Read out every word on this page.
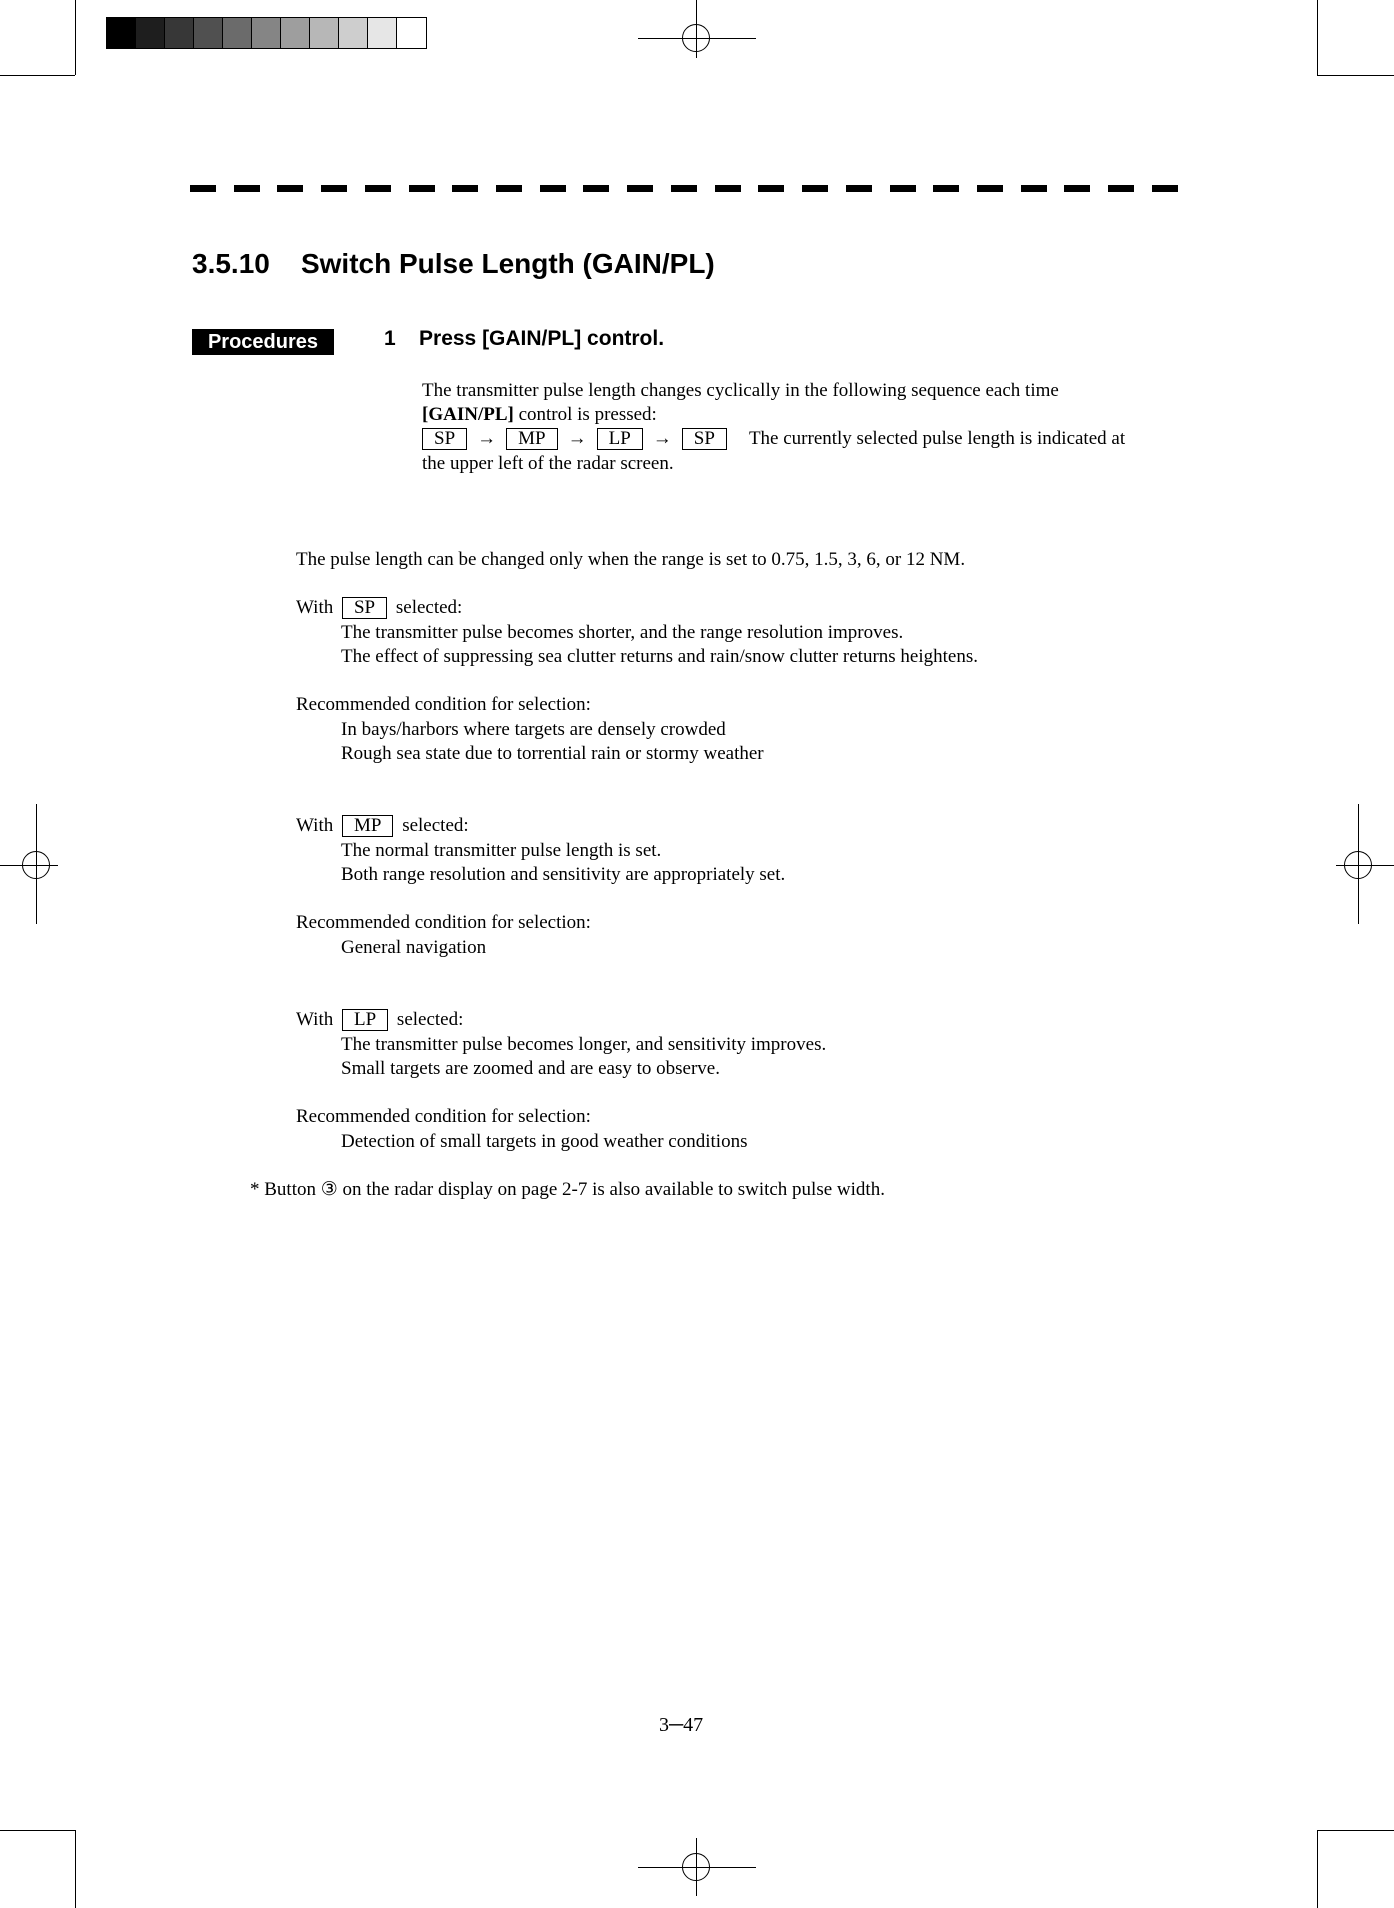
3.5.10    Switch Pulse Length (GAIN/PL)
Procedures	1    Press [GAIN/PL] control.
The transmitter pulse length changes cyclically in the following sequence each time
[GAIN/PL] control is pressed:
SP → MP → LP → SP The currently selected pulse length is indicated at
the upper left of the radar screen.
The pulse length can be changed only when the range is set to 0.75, 1.5, 3, 6, or 12 NM.
With SP selected:
The transmitter pulse becomes shorter, and the range resolution improves.
The effect of suppressing sea clutter returns and rain/snow clutter returns heightens.
Recommended condition for selection:
In bays/harbors where targets are densely crowded
Rough sea state due to torrential rain or stormy weather
With MP selected:
The normal transmitter pulse length is set.
Both range resolution and sensitivity are appropriately set.
Recommended condition for selection:
General navigation
With LP selected:
The transmitter pulse becomes longer, and sensitivity improves.
Small targets are zoomed and are easy to observe.
Recommended condition for selection:
Detection of small targets in good weather conditions
* Button ③ on the radar display on page 2-7 is also available to switch pulse width.
3─47
